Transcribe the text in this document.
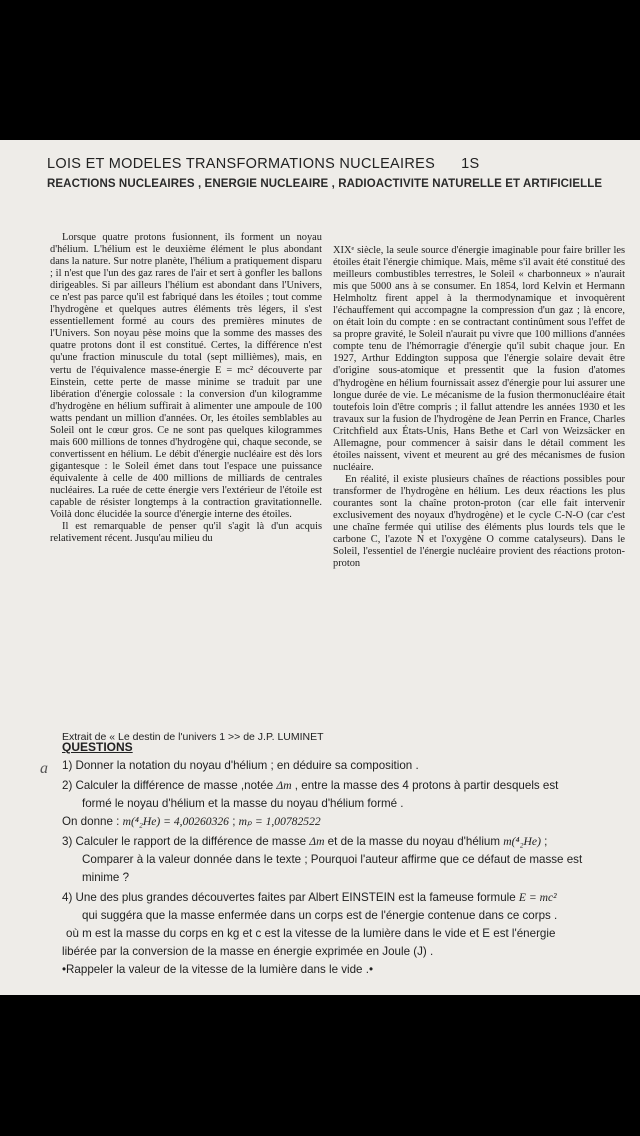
LOIS ET MODELES TRANSFORMATIONS NUCLEAIRES 1S
REACTIONS NUCLEAIRES , ENERGIE NUCLEAIRE , RADIOACTIVITE NATURELLE ET ARTIFICIELLE

Lorsque quatre protons fusionnent, ils forment un noyau d'hélium. L'hélium est le deuxième élément le plus abondant dans la nature. Sur notre planète, l'hélium a pratiquement disparu ; il n'est que l'un des gaz rares de l'air et sert à gonfler les ballons dirigeables. Si par ailleurs l'hélium est abondant dans l'Univers, ce n'est pas parce qu'il est fabriqué dans les étoiles ; tout comme l'hydrogène et quelques autres éléments très légers, il s'est essentiellement formé au cours des premières minutes de l'Univers. Son noyau pèse moins que la somme des masses des quatre protons dont il est constitué. Certes, la différence n'est qu'une fraction minuscule du total (sept millièmes), mais, en vertu de l'équivalence masse-énergie E = mc² découverte par Einstein, cette perte de masse minime se traduit par une libération d'énergie colossale : la conversion d'un kilogramme d'hydrogène en hélium suffirait à alimenter une ampoule de 100 watts pendant un million d'années. Or, les étoiles semblables au Soleil ont le cœur gros. Ce ne sont pas quelques kilogrammes mais 600 millions de tonnes d'hydrogène qui, chaque seconde, se convertissent en hélium. Le débit d'énergie nucléaire est dès lors gigantesque : le Soleil émet dans tout l'espace une puissance équivalente à celle de 400 millions de milliards de centrales nucléaires. La ruée de cette énergie vers l'extérieur de l'étoile est capable de résister longtemps à la contraction gravitationnelle. Voilà donc élucidée la source d'énergie interne des étoiles.

Il est remarquable de penser qu'il s'agit là d'un acquis relativement récent. Jusqu'au milieu du

XIXᵉ siècle, la seule source d'énergie imaginable pour faire briller les étoiles était l'énergie chimique. Mais, même s'il avait été constitué des meilleurs combustibles terrestres, le Soleil « charbonneux » n'aurait mis que 5000 ans à se consumer. En 1854, lord Kelvin et Hermann Helmholtz firent appel à la thermodynamique et invoquèrent l'échauffement qui accompagne la compression d'un gaz ; là encore, on était loin du compte : en se contractant continûment sous l'effet de sa propre gravité, le Soleil n'aurait pu vivre que 100 millions d'années compte tenu de l'hémorragie d'énergie qu'il subit chaque jour. En 1927, Arthur Eddington supposa que l'énergie solaire devait être d'origine sous-atomique et pressentit que la fusion d'atomes d'hydrogène en hélium fournissait assez d'énergie pour lui assurer une longue durée de vie. Le mécanisme de la fusion thermonucléaire était toutefois loin d'être compris ; il fallut attendre les années 1930 et les travaux sur la fusion de l'hydrogène de Jean Perrin en France, Charles Critchfield aux États-Unis, Hans Bethe et Carl von Weizsäcker en Allemagne, pour commencer à saisir dans le détail comment les étoiles naissent, vivent et meurent au gré des mécanismes de fusion nucléaire.

En réalité, il existe plusieurs chaînes de réactions possibles pour transformer de l'hydrogène en hélium. Les deux réactions les plus courantes sont la chaîne proton-proton (car elle fait intervenir exclusivement des noyaux d'hydrogène) et le cycle C-N-O (car c'est une chaîne fermée qui utilise des éléments plus lourds tels que le carbone C, l'azote N et l'oxygène O comme catalyseurs). Dans le Soleil, l'essentiel de l'énergie nucléaire provient des réactions proton-proton

Extrait de « Le destin de l'univers 1 >> de J.P. LUMINET
QUESTIONS
a 1) Donner la notation du noyau d'hélium ; en déduire sa composition .
2) Calculer la différence de masse ,notée Δm , entre la masse des 4 protons à partir desquels est
formé le noyau d'hélium et la masse du noyau d'hélium formé .
On donne : m(⁴₂He) = 4,00260326 ; mₚ = 1,00782522
3) Calculer le rapport de la différence de masse Δm et de la masse du noyau d'hélium m(⁴₂He) ;
Comparer à la valeur donnée dans le texte ; Pourquoi l'auteur affirme que ce défaut de masse est
minime ?
4) Une des plus grandes découvertes faites par Albert EINSTEIN est la fameuse formule E = mc²
qui suggéra que la masse enfermée dans un corps est de l'énergie contenue dans ce corps .
où m est la masse du corps en kg et c est la vitesse de la lumière dans le vide et E est l'énergie
libérée par la conversion de la masse en énergie exprimée en Joule (J) .
•Rappeler la valeur de la vitesse de la lumière dans le vide .•
